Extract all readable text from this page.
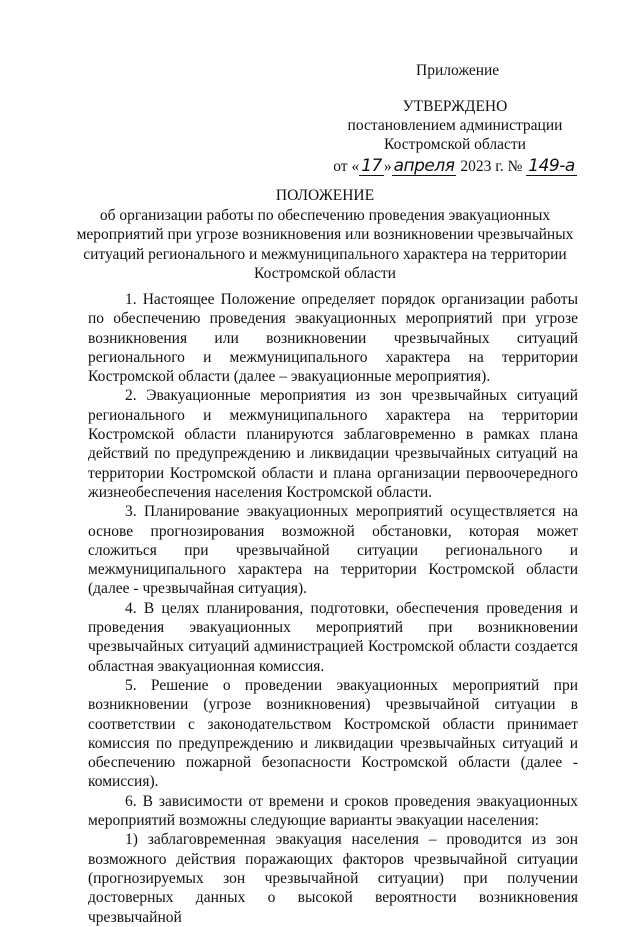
Приложение
УТВЕРЖДЕНО
постановлением администрации
Костромской области
от « 17 » апреля 2023 г. № 149-а
ПОЛОЖЕНИЕ
об организации работы по обеспечению проведения эвакуационных
мероприятий при угрозе возникновения или возникновении чрезвычайных
ситуаций регионального и межмуниципального характера на территории
Костромской области

1. Настоящее Положение определяет порядок организации работы по обеспечению проведения эвакуационных мероприятий при угрозе возникновения или возникновении чрезвычайных ситуаций регионального и межмуниципального характера на территории Костромской области (далее – эвакуационные мероприятия).

2. Эвакуационные мероприятия из зон чрезвычайных ситуаций регионального и межмуниципального характера на территории Костромской области планируются заблаговременно в рамках плана действий по предупреждению и ликвидации чрезвычайных ситуаций на территории Костромской области и плана организации первоочередного жизнеобеспечения населения Костромской области.

3. Планирование эвакуационных мероприятий осуществляется на основе прогнозирования возможной обстановки, которая может сложиться при чрезвычайной ситуации регионального и межмуниципального характера на территории Костромской области (далее - чрезвычайная ситуация).

4. В целях планирования, подготовки, обеспечения проведения и проведения эвакуационных мероприятий при возникновении чрезвычайных ситуаций администрацией Костромской области создается областная эвакуационная комиссия.

5. Решение о проведении эвакуационных мероприятий при возникновении (угрозе возникновения) чрезвычайной ситуации в соответствии с законодательством Костромской области принимает комиссия по предупреждению и ликвидации чрезвычайных ситуаций и обеспечению пожарной безопасности Костромской области (далее - комиссия).

6. В зависимости от времени и сроков проведения эвакуационных мероприятий возможны следующие варианты эвакуации населения:

1) заблаговременная эвакуация населения – проводится из зон возможного действия поражающих факторов чрезвычайной ситуации (прогнозируемых зон чрезвычайной ситуации) при получении достоверных данных о высокой вероятности возникновения чрезвычайной
